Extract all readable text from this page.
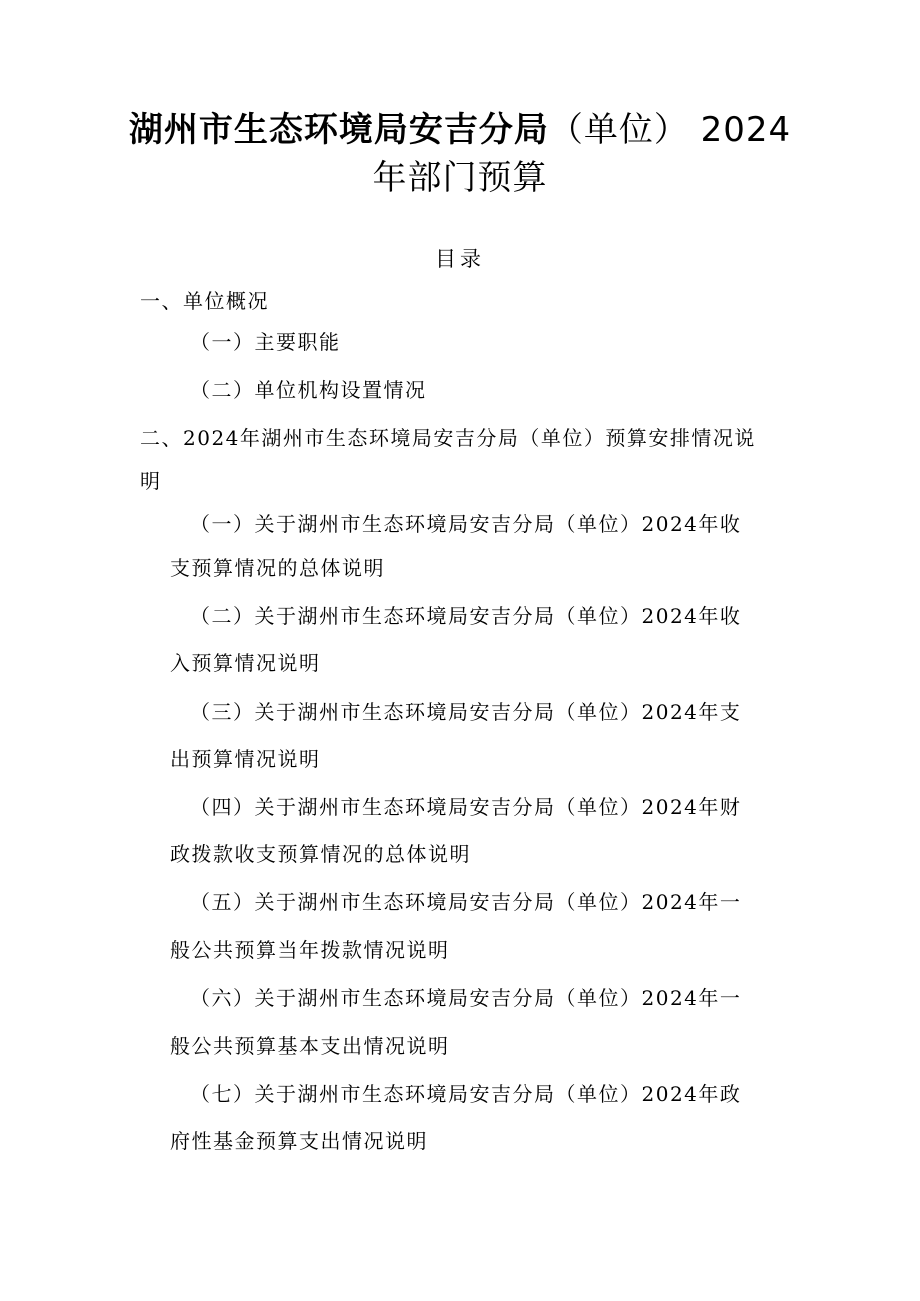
湖州市生态环境局安吉分局（单位） 2024
年部门预算
目录
一、单位概况
（一）主要职能
（二）单位机构设置情况
二、2024年湖州市生态环境局安吉分局（单位）预算安排情况说
明
（一）关于湖州市生态环境局安吉分局（单位）2024年收
支预算情况的总体说明
（二）关于湖州市生态环境局安吉分局（单位）2024年收
入预算情况说明
（三）关于湖州市生态环境局安吉分局（单位）2024年支
出预算情况说明
（四）关于湖州市生态环境局安吉分局（单位）2024年财
政拨款收支预算情况的总体说明
（五）关于湖州市生态环境局安吉分局（单位）2024年一
般公共预算当年拨款情况说明
（六）关于湖州市生态环境局安吉分局（单位）2024年一
般公共预算基本支出情况说明
（七）关于湖州市生态环境局安吉分局（单位）2024年政
府性基金预算支出情况说明
